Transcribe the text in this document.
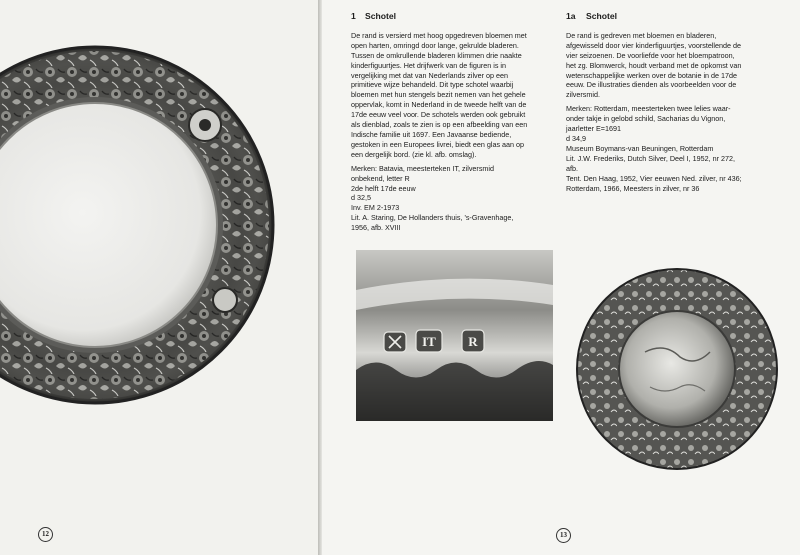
12
1 Schotel
De rand is versierd met hoog opgedreven bloemen met
open harten, omringd door lange, gekrulde bladeren.
Tussen de omkrullende bladeren klimmen drie naakte
kinderfiguurtjes. Het drijfwerk van de figuren is in
vergelijking met dat van Nederlands zilver op een
primitieve wijze behandeld. Dit type schotel waarbij
bloemen met hun stengels bezit nemen van het gehele
oppervlak, komt in Nederland in de tweede helft van de
17de eeuw veel voor. De schotels werden ook gebruikt
als dienblad, zoals te zien is op een afbeelding van een
Indische familie uit 1697. Een Javaanse bediende,
gestoken in een Europees livrei, biedt een glas aan op
een dergelijk bord. (zie kl. afb. omslag).
Merken: Batavia, meesterteken IT, zilversmid
onbekend, letter R
2de helft 17de eeuw
d 32,5
Inv. EM 2-1973
Lit. A. Staring, De Hollanders thuis, 's-Gravenhage,
1956, afb. XVIII
1a Schotel
De rand is gedreven met bloemen en bladeren,
afgewisseld door vier kinderfiguurtjes, voorstellende de
vier seizoenen. De voorliefde voor het bloempatroon,
het zg. Blomwerck, houdt verband met de opkomst van
wetenschappelijke werken over de botanie in de 17de
eeuw. De illustraties dienden als voorbeelden voor de
zilversmid.
Merken: Rotterdam, meesterteken twee lelies waar-
onder takje in gelobd schild, Sacharias du Vignon,
jaarletter E=1691
d 34,9
Museum Boymans-van Beuningen, Rotterdam
Lit. J.W. Frederiks, Dutch Silver, Deel I, 1952, nr 272,
afb.
Tent. Den Haag, 1952, Vier eeuwen Ned. zilver, nr 436;
Rotterdam, 1966, Meesters in zilver, nr 36
IT R
13
